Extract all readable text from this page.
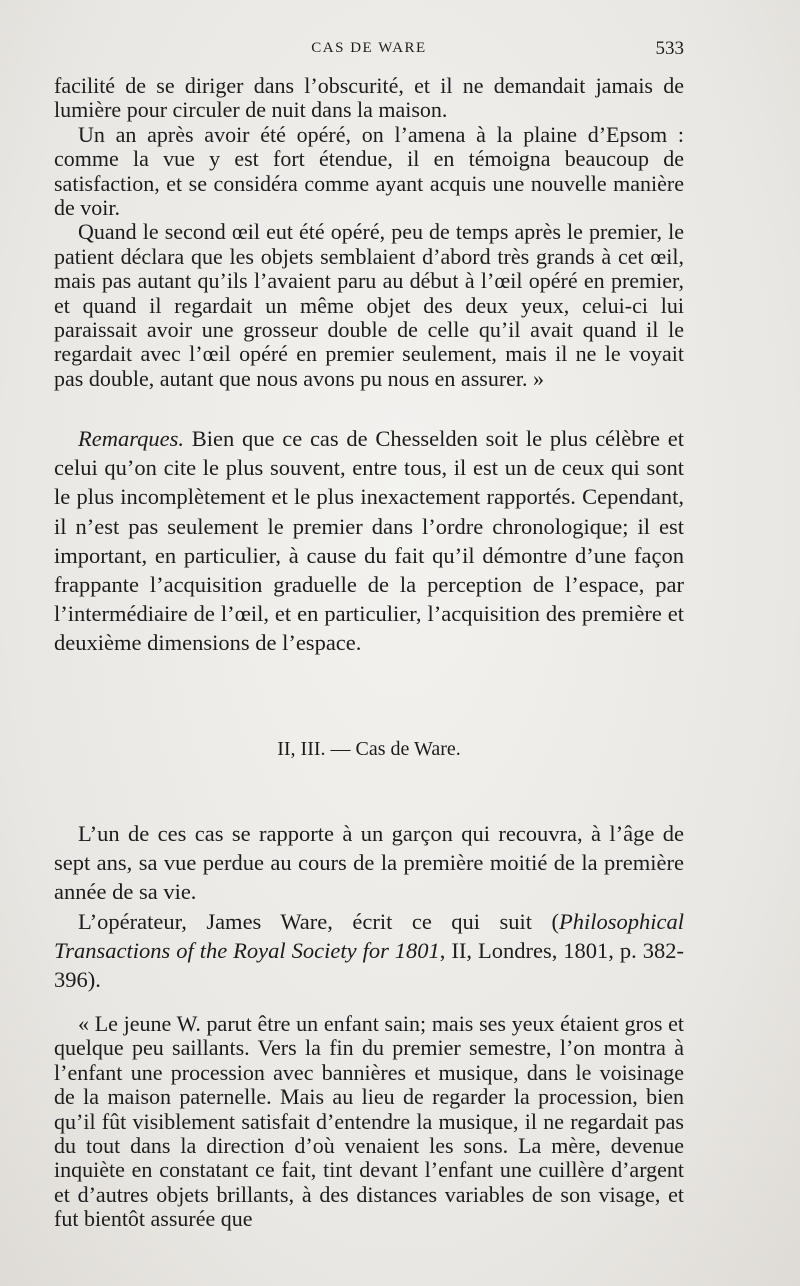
CAS DE WARE	533

facilité de se diriger dans l’obscurité, et il ne demandait jamais de lumière pour circuler de nuit dans la maison.

Un an après avoir été opéré, on l’amena à la plaine d’Epsom : comme la vue y est fort étendue, il en témoigna beaucoup de satisfaction, et se considéra comme ayant acquis une nouvelle manière de voir.

Quand le second œil eut été opéré, peu de temps après le premier, le patient déclara que les objets semblaient d’abord très grands à cet œil, mais pas autant qu’ils l’avaient paru au début à l’œil opéré en premier, et quand il regardait un même objet des deux yeux, celui-ci lui paraissait avoir une grosseur double de celle qu’il avait quand il le regardait avec l’œil opéré en premier seulement, mais il ne le voyait pas double, autant que nous avons pu nous en assurer. »

Remarques. Bien que ce cas de Chesselden soit le plus célèbre et celui qu’on cite le plus souvent, entre tous, il est un de ceux qui sont le plus incomplètement et le plus inexactement rapportés. Cependant, il n’est pas seulement le premier dans l’ordre chronologique; il est important, en particulier, à cause du fait qu’il démontre d’une façon frappante l’acquisition graduelle de la perception de l’espace, par l’intermédiaire de l’œil, et en particulier, l’acquisition des première et deuxième dimensions de l’espace.

II, III. — Cas de Ware.

L’un de ces cas se rapporte à un garçon qui recouvra, à l’âge de sept ans, sa vue perdue au cours de la première moitié de la première année de sa vie.

L’opérateur, James Ware, écrit ce qui suit (Philosophical Transactions of the Royal Society for 1801, II, Londres, 1801, p. 382-396).

« Le jeune W. parut être un enfant sain; mais ses yeux étaient gros et quelque peu saillants. Vers la fin du premier semestre, l’on montra à l’enfant une procession avec bannières et musique, dans le voisinage de la maison paternelle. Mais au lieu de regarder la procession, bien qu’il fût visiblement satisfait d’entendre la musique, il ne regardait pas du tout dans la direction d’où venaient les sons. La mère, devenue inquiète en constatant ce fait, tint devant l’enfant une cuillère d’argent et d’autres objets brillants, à des distances variables de son visage, et fut bientôt assurée que
